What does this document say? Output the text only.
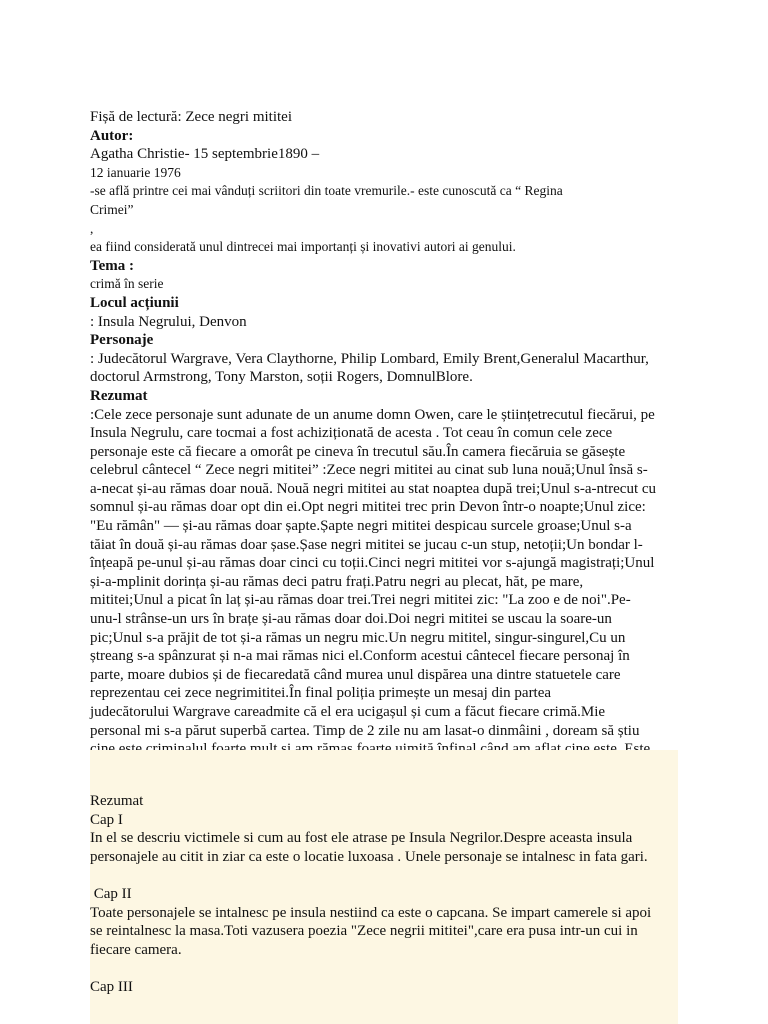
Fișă de lectură: Zece negri mititei
Autor:
Agatha Christie- 15 septembrie1890 –
12 ianuarie 1976
-se află printre cei mai vânduți scriitori din toate vremurile.- este cunoscută ca “ Regina
Crimei”
,
ea fiind considerată unul dintrecei mai importanți și inovativi autori ai genului.
Tema :
crimă în serie
Locul acțiunii
: Insula Negrului, Denvon
Personaje
: Judecătorul Wargrave, Vera Claythorne, Philip Lombard, Emily Brent,Generalul Macarthur,
doctorul Armstrong, Tony Marston, soții Rogers, DomnulBlore.
Rezumat
:Cele zece personaje sunt adunate de un anume domn Owen, care le științetrecutul fiecărui, pe
Insula Negrulu, care tocmai a fost achiziționată de acesta . Tot ceau în comun cele zece
personaje este că fiecare a omorât pe cineva în trecutul său.În camera fiecăruia se găsește
celebrul cântecel “ Zece negri mititei” :Zece negri mititei au cinat sub luna nouă;Unul însă s-
a-necat și-au rămas doar nouă. Nouă negri mititei au stat noaptea după trei;Unul s-a-ntrecut cu
somnul și-au rămas doar opt din ei.Opt negri mititei trec prin Devon într-o noapte;Unul zice:
"Eu rămân" — și-au rămas doar șapte.Șapte negri mititei despicau surcele groase;Unul s-a
tăiat în două și-au rămas doar șase.Șase negri mititei se jucau c-un stup, netoții;Un bondar l-
înțeapă pe-unul și-au rămas doar cinci cu toții.Cinci negri mititei vor s-ajungă magistrați;Unul
și-a-mplinit dorința și-au rămas deci patru frați.Patru negri au plecat, hăt, pe mare,
mititei;Unul a picat în laț și-au rămas doar trei.Trei negri mititei zic: "La zoo e de noi".Pe-
unu-l strânse-un urs în brațe și-au rămas doar doi.Doi negri mititei se uscau la soare-un
pic;Unul s-a prăjit de tot și-a rămas un negru mic.Un negru mititel, singur-singurel,Cu un
ștreang s-a spânzurat și n-a mai rămas nici el.Conform acestui cântecel fiecare personaj în
parte, moare dubios și de fiecaredată când murea unul dispărea una dintre statuetele care
reprezentau cei zece negrimititei.În final poliția primește un mesaj din partea
judecătorului Wargrave careadmite că el era ucigașul și cum a făcut fiecare crimă.Mie
personal mi s-a părut superbă cartea. Timp de 2 zile nu am lasat-o dinmâini , doream să știu
Rezumat
Cap I
In el se descriu victimele si cum au fost ele atrase pe Insula Negrilor.Despre aceasta insula
personajele au citit in ziar ca este o locatie luxoasa . Unele personaje se intalnesc in fata gari.
Cap II
Toate personajele se intalnesc pe insula nestiind ca este o capcana. Se impart camerele si apoi
se reintalnesc la masa.Toti vazusera poezia "Zece negrii mititei",care era pusa intr-un cui in
fiecare camera.
Cap III
